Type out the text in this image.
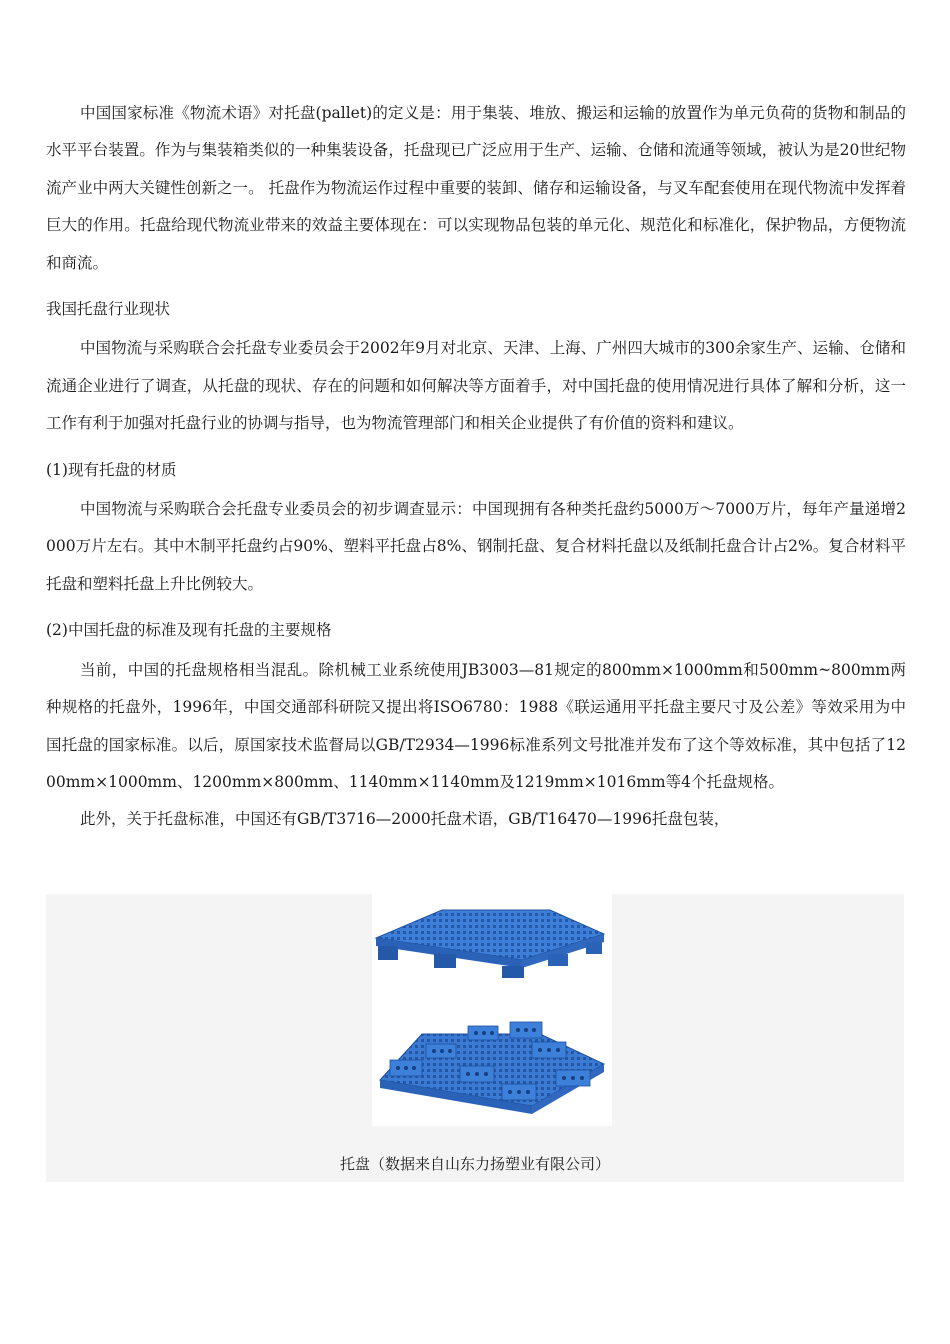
中国国家标准《物流术语》对托盘(pallet)的定义是：用于集装、堆放、搬运和运输的放置作为单元负荷的货物和制品的水平平台装置。作为与集装箱类似的一种集装设备，托盘现已广泛应用于生产、运输、仓储和流通等领域，被认为是20世纪物流产业中两大关键性创新之一。 托盘作为物流运作过程中重要的装卸、储存和运输设备，与叉车配套使用在现代物流中发挥着巨大的作用。托盘给现代物流业带来的效益主要体现在：可以实现物品包装的单元化、规范化和标准化，保护物品，方便物流和商流。

我国托盘行业现状

中国物流与采购联合会托盘专业委员会于2002年9月对北京、天津、上海、广州四大城市的300余家生产、运输、仓储和流通企业进行了调查，从托盘的现状、存在的问题和如何解决等方面着手，对中国托盘的使用情况进行具体了解和分析，这一工作有利于加强对托盘行业的协调与指导，也为物流管理部门和相关企业提供了有价值的资料和建议。

(1)现有托盘的材质

中国物流与采购联合会托盘专业委员会的初步调查显示：中国现拥有各种类托盘约5000万～7000万片，每年产量递增2000万片左右。其中木制平托盘约占90%、塑料平托盘占8%、钢制托盘、复合材料托盘以及纸制托盘合计占2%。复合材料平托盘和塑料托盘上升比例较大。

(2)中国托盘的标准及现有托盘的主要规格

当前，中国的托盘规格相当混乱。除机械工业系统使用JB3003—81规定的800mm×1000mm和500mm~800mm两种规格的托盘外，1996年，中国交通部科研院又提出将ISO6780：1988《联运通用平托盘主要尺寸及公差》等效采用为中国托盘的国家标准。以后，原国家技术监督局以GB/T2934—1996标准系列文号批准并发布了这个等效标准，其中包括了1200mm×1000mm、1200mm×800mm、1140mm×1140mm及1219mm×1016mm等4个托盘规格。

此外，关于托盘标准，中国还有GB/T3716—2000托盘术语，GB/T16470—1996托盘包装，

托盘（数据来自山东力扬塑业有限公司）
